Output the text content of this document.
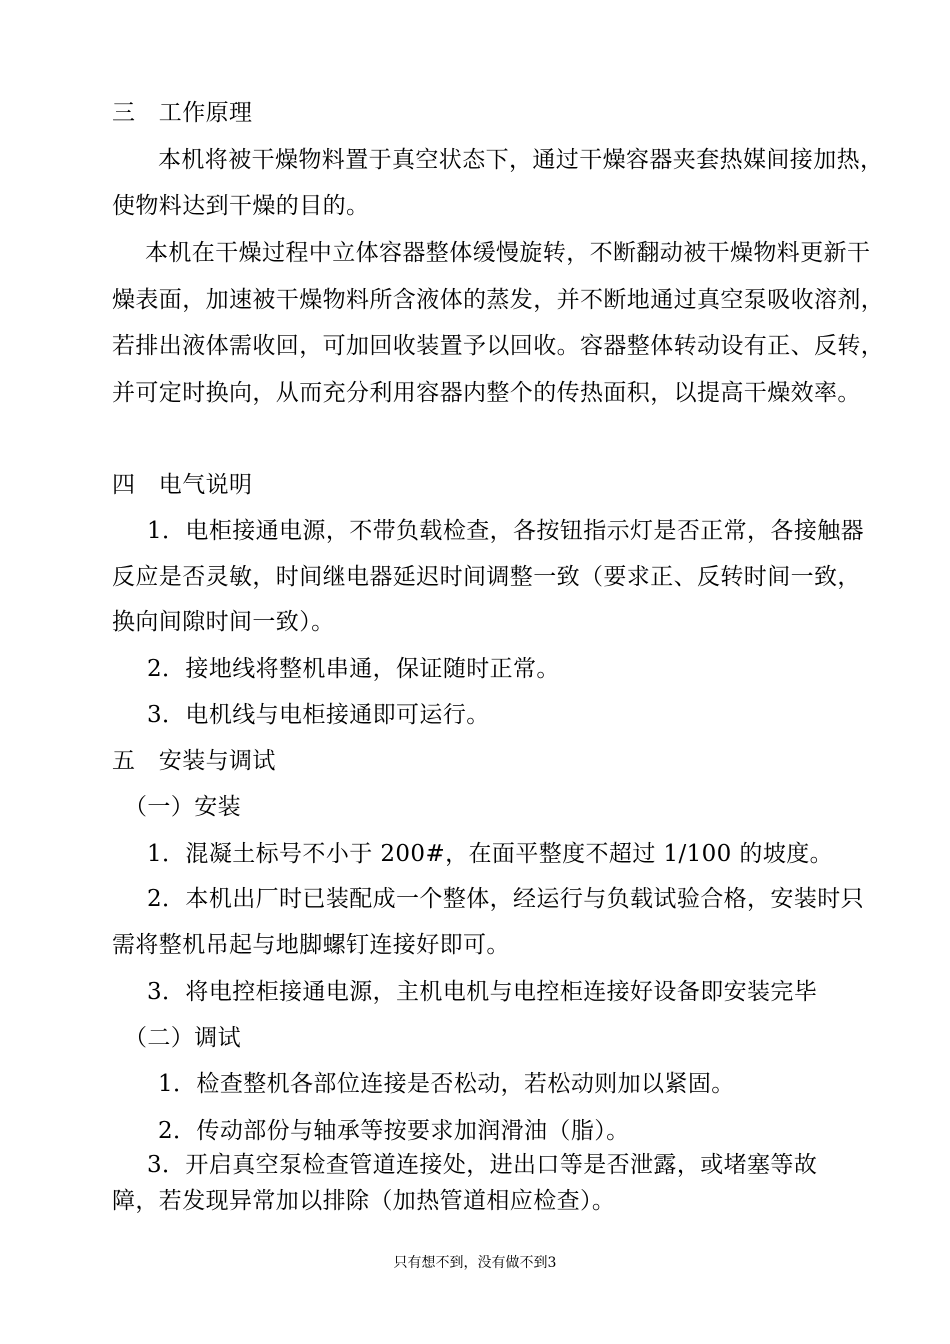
三　工作原理
本机将被干燥物料置于真空状态下，通过干燥容器夹套热媒间接加热，
使物料达到干燥的目的。
本机在干燥过程中立体容器整体缓慢旋转，不断翻动被干燥物料更新干
燥表面，加速被干燥物料所含液体的蒸发，并不断地通过真空泵吸收溶剂，
若排出液体需收回，可加回收装置予以回收。容器整体转动设有正、反转，
并可定时换向，从而充分利用容器内整个的传热面积，以提高干燥效率。
四　电气说明
1．电柜接通电源，不带负载检查，各按钮指示灯是否正常，各接触器
反应是否灵敏，时间继电器延迟时间调整一致（要求正、反转时间一致，
换向间隙时间一致）。
2．接地线将整机串通，保证随时正常。
3．电机线与电柜接通即可运行。
五　安装与调试
（一）安装
1．混凝土标号不小于 200#，在面平整度不超过 1/100 的坡度。
2．本机出厂时已装配成一个整体，经运行与负载试验合格，安装时只
需将整机吊起与地脚螺钉连接好即可。
3．将电控柜接通电源，主机电机与电控柜连接好设备即安装完毕
（二）调试
1．检查整机各部位连接是否松动，若松动则加以紧固。
2．传动部份与轴承等按要求加润滑油（脂）。
3．开启真空泵检查管道连接处，进出口等是否泄露，或堵塞等故
障，若发现异常加以排除（加热管道相应检查）。
只有想不到，没有做不到3
